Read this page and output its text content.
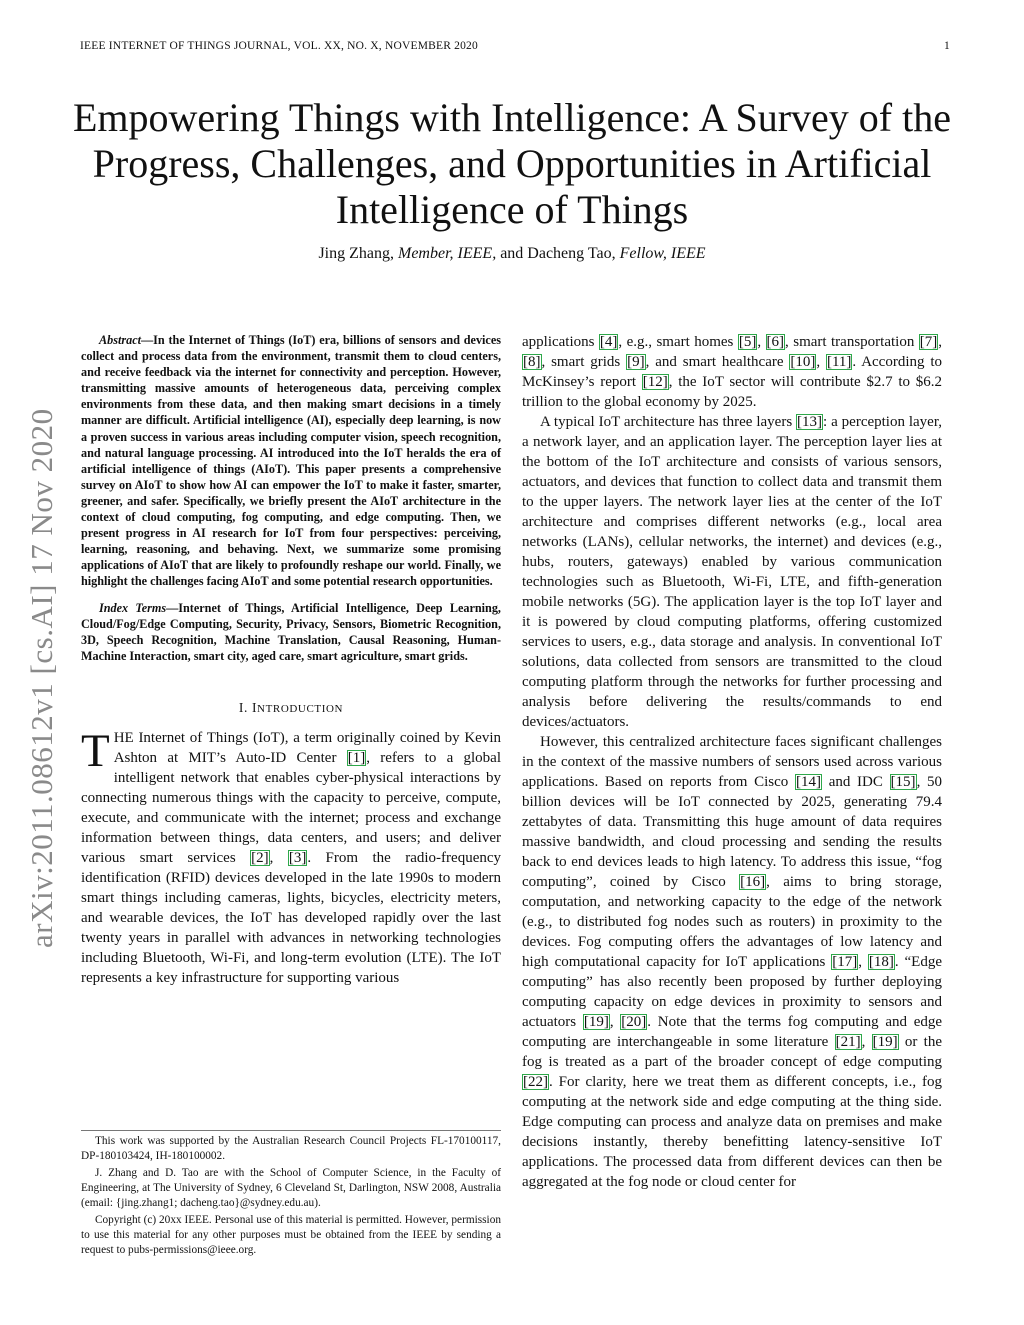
IEEE INTERNET OF THINGS JOURNAL, VOL. XX, NO. X, NOVEMBER 2020	1
Empowering Things with Intelligence: A Survey of the Progress, Challenges, and Opportunities in Artificial Intelligence of Things
Jing Zhang, Member, IEEE, and Dacheng Tao, Fellow, IEEE
arXiv:2011.08612v1 [cs.AI] 17 Nov 2020

Abstract—In the Internet of Things (IoT) era, billions of sensors and devices collect and process data from the environment, transmit them to cloud centers, and receive feedback via the internet for connectivity and perception. However, transmitting massive amounts of heterogeneous data, perceiving complex environments from these data, and then making smart decisions in a timely manner are difficult. Artificial intelligence (AI), especially deep learning, is now a proven success in various areas including computer vision, speech recognition, and natural language processing. AI introduced into the IoT heralds the era of artificial intelligence of things (AIoT). This paper presents a comprehensive survey on AIoT to show how AI can empower the IoT to make it faster, smarter, greener, and safer. Specifically, we briefly present the AIoT architecture in the context of cloud computing, fog computing, and edge computing. Then, we present progress in AI research for IoT from four perspectives: perceiving, learning, reasoning, and behaving. Next, we summarize some promising applications of AIoT that are likely to profoundly reshape our world. Finally, we highlight the challenges facing AIoT and some potential research opportunities.

Index Terms—Internet of Things, Artificial Intelligence, Deep Learning, Cloud/Fog/Edge Computing, Security, Privacy, Sensors, Biometric Recognition, 3D, Speech Recognition, Machine Translation, Causal Reasoning, Human-Machine Interaction, smart city, aged care, smart agriculture, smart grids.

I. INTRODUCTION

THE Internet of Things (IoT), a term originally coined by Kevin Ashton at MIT’s Auto-ID Center [1], refers to a global intelligent network that enables cyber-physical interactions by connecting numerous things with the capacity to perceive, compute, execute, and communicate with the internet; process and exchange information between things, data centers, and users; and deliver various smart services [2], [3]. From the radio-frequency identification (RFID) devices developed in the late 1990s to modern smart things including cameras, lights, bicycles, electricity meters, and wearable devices, the IoT has developed rapidly over the last twenty years in parallel with advances in networking technologies including Bluetooth, Wi-Fi, and long-term evolution (LTE). The IoT represents a key infrastructure for supporting various

This work was supported by the Australian Research Council Projects FL-170100117, DP-180103424, IH-180100002.

J. Zhang and D. Tao are with the School of Computer Science, in the Faculty of Engineering, at The University of Sydney, 6 Cleveland St, Darlington, NSW 2008, Australia (email: {jing.zhang1; dacheng.tao}@sydney.edu.au).

Copyright (c) 20xx IEEE. Personal use of this material is permitted. However, permission to use this material for any other purposes must be obtained from the IEEE by sending a request to pubs-permissions@ieee.org.

applications [4], e.g., smart homes [5], [6], smart transportation [7], [8], smart grids [9], and smart healthcare [10], [11]. According to McKinsey’s report [12], the IoT sector will contribute $2.7 to $6.2 trillion to the global economy by 2025.

A typical IoT architecture has three layers [13]: a perception layer, a network layer, and an application layer. The perception layer lies at the bottom of the IoT architecture and consists of various sensors, actuators, and devices that function to collect data and transmit them to the upper layers. The network layer lies at the center of the IoT architecture and comprises different networks (e.g., local area networks (LANs), cellular networks, the internet) and devices (e.g., hubs, routers, gateways) enabled by various communication technologies such as Bluetooth, Wi-Fi, LTE, and fifth-generation mobile networks (5G). The application layer is the top IoT layer and it is powered by cloud computing platforms, offering customized services to users, e.g., data storage and analysis. In conventional IoT solutions, data collected from sensors are transmitted to the cloud computing platform through the networks for further processing and analysis before delivering the results/commands to end devices/actuators.

However, this centralized architecture faces significant challenges in the context of the massive numbers of sensors used across various applications. Based on reports from Cisco [14] and IDC [15], 50 billion devices will be IoT connected by 2025, generating 79.4 zettabytes of data. Transmitting this huge amount of data requires massive bandwidth, and cloud processing and sending the results back to end devices leads to high latency. To address this issue, “fog computing”, coined by Cisco [16], aims to bring storage, computation, and networking capacity to the edge of the network (e.g., to distributed fog nodes such as routers) in proximity to the devices. Fog computing offers the advantages of low latency and high computational capacity for IoT applications [17], [18]. “Edge computing” has also recently been proposed by further deploying computing capacity on edge devices in proximity to sensors and actuators [19], [20]. Note that the terms fog computing and edge computing are interchangeable in some literature [21], [19] or the fog is treated as a part of the broader concept of edge computing [22]. For clarity, here we treat them as different concepts, i.e., fog computing at the network side and edge computing at the thing side. Edge computing can process and analyze data on premises and make decisions instantly, thereby benefitting latency-sensitive IoT applications. The processed data from different devices can then be aggregated at the fog node or cloud center for
